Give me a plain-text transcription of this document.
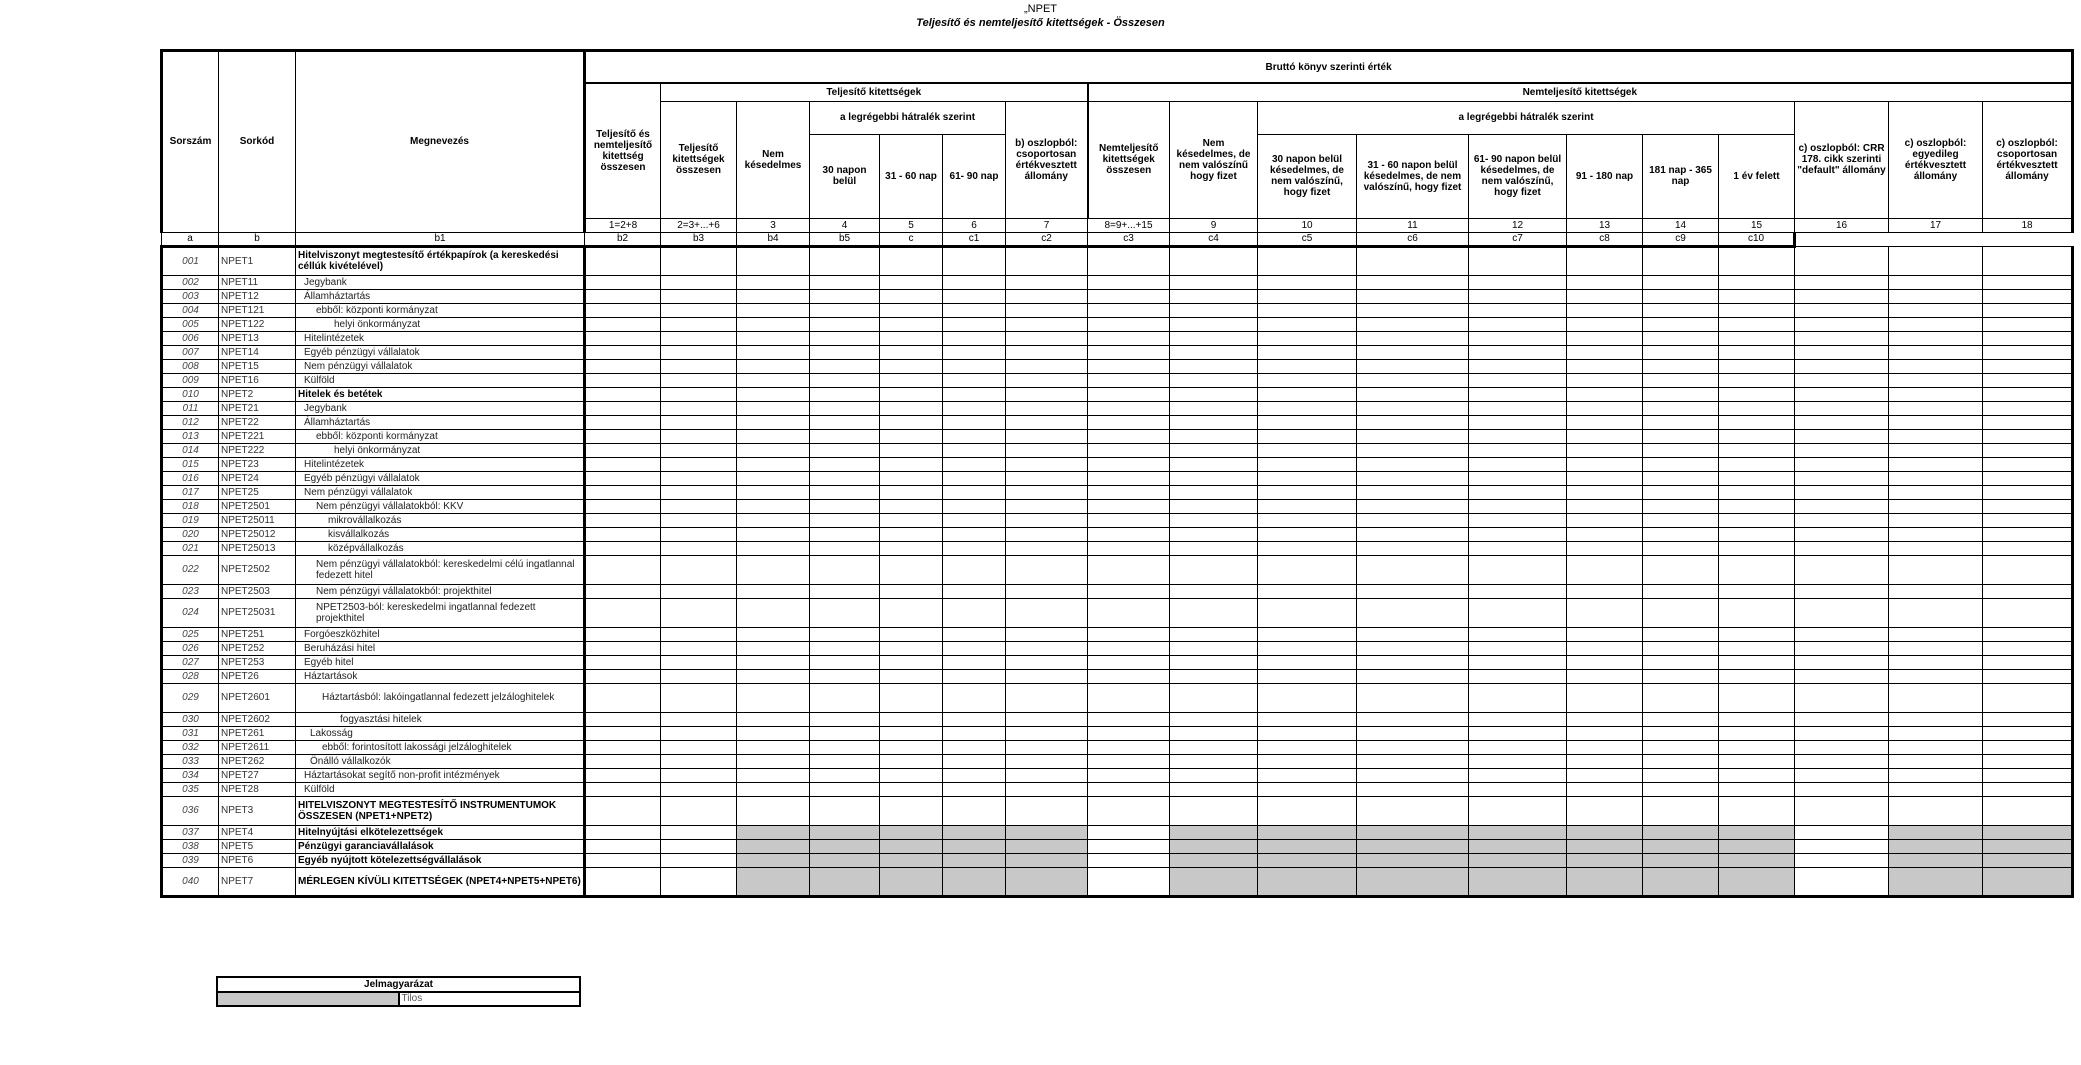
„NPET
Teljesítő és nemteljesítő kitettségek - Összesen
Sorszám	Sorkód	Megnevezés	Bruttó könyv szerinti érték																	
			Teljesítő és nemteljesítő kitettség összesen	Teljesítő kitettségek						Nemteljesítő kitettségek										
				Teljesítő kitettségek összesen	Nem késedelmes	a legrégebbi hátralék szerint			b) oszlopból: csoportosan értékvesztett állomány	Nemteljesítő kitettségek összesen	Nem késedelmes, de nem valószínű hogy fizet	a legrégebbi hátralék szerint						c) oszlopból: CRR 178. cikk szerinti "default" állomány	c) oszlopból: egyedileg értékvesztett állomány	c) oszlopból: csoportosan értékvesztett állomány
						30 napon belül	31 - 60 nap	61- 90 nap				30 napon belül késedelmes, de nem valószínű, hogy fizet	31 - 60 napon belül késedelmes, de nem valószínű, hogy fizet	61- 90 napon belül késedelmes, de nem valószínű, hogy fizet	91 - 180 nap	181 nap - 365 nap	1 év felett			
			1=2+8	2=3+...+6	3	4	5	6	7	8=9+...+15	9	10	11	12	13	14	15	16	17	18
a	b	b1	b2	b3	b4	b5	c	c1	c2	c3	c4	c5	c6	c7	c8	c9	c10			
001	NPET1	Hitelviszonyt megtestesítő értékpapírok (a kereskedési céllúk kivételével)																		
002	NPET11	Jegybank																		
003	NPET12	Államháztartás																		
004	NPET121	ebből: központi kormányzat																		
005	NPET122	helyi önkormányzat																		
006	NPET13	Hitelintézetek																		
007	NPET14	Egyéb pénzügyi vállalatok																		
008	NPET15	Nem pénzügyi vállalatok																		
009	NPET16	Külföld																		
010	NPET2	Hitelek és betétek																		
011	NPET21	Jegybank																		
012	NPET22	Államháztartás																		
013	NPET221	ebből: központi kormányzat																		
014	NPET222	helyi önkormányzat																		
015	NPET23	Hitelintézetek																		
016	NPET24	Egyéb pénzügyi vállalatok																		
017	NPET25	Nem pénzügyi vállalatok																		
018	NPET2501	Nem pénzügyi vállalatokból: KKV																		
019	NPET25011	mikrovállalkozás																		
020	NPET25012	kisvállalkozás																		
021	NPET25013	középvállalkozás																		
022	NPET2502	Nem pénzügyi vállalatokból: kereskedelmi célú ingatlannal fedezett hitel																		
023	NPET2503	Nem pénzügyi vállalatokból: projekthitel																		
024	NPET25031	NPET2503-ból: kereskedelmi ingatlannal fedezett projekthitel																		
025	NPET251	Forgóeszközhitel																		
026	NPET252	Beruházási hitel																		
027	NPET253	Egyéb hitel																		
028	NPET26	Háztartások																		
029	NPET2601	Háztartásból: lakóingatlannal fedezett jelzáloghitelek																		
030	NPET2602	fogyasztási hitelek																		
031	NPET261	Lakosság																		
032	NPET2611	ebből: forintosított lakossági jelzáloghitelek																		
033	NPET262	Önálló vállalkozók																		
034	NPET27	Háztartásokat segítő non-profit intézmények																		
035	NPET28	Külföld																		
036	NPET3	HITELVISZONYT MEGTESTESÍTŐ INSTRUMENTUMOK ÖSSZESEN (NPET1+NPET2)																		
037	NPET4	Hitelnyújtási elkötelezettségek																		
038	NPET5	Pénzügyi garanciavállalások																		
039	NPET6	Egyéb nyújtott kötelezettségvállalások																		
040	NPET7	MÉRLEGEN KÍVÜLI KITETTSÉGEK (NPET4+NPET5+NPET6)																		
Jelmagyarázat
	Tilos
